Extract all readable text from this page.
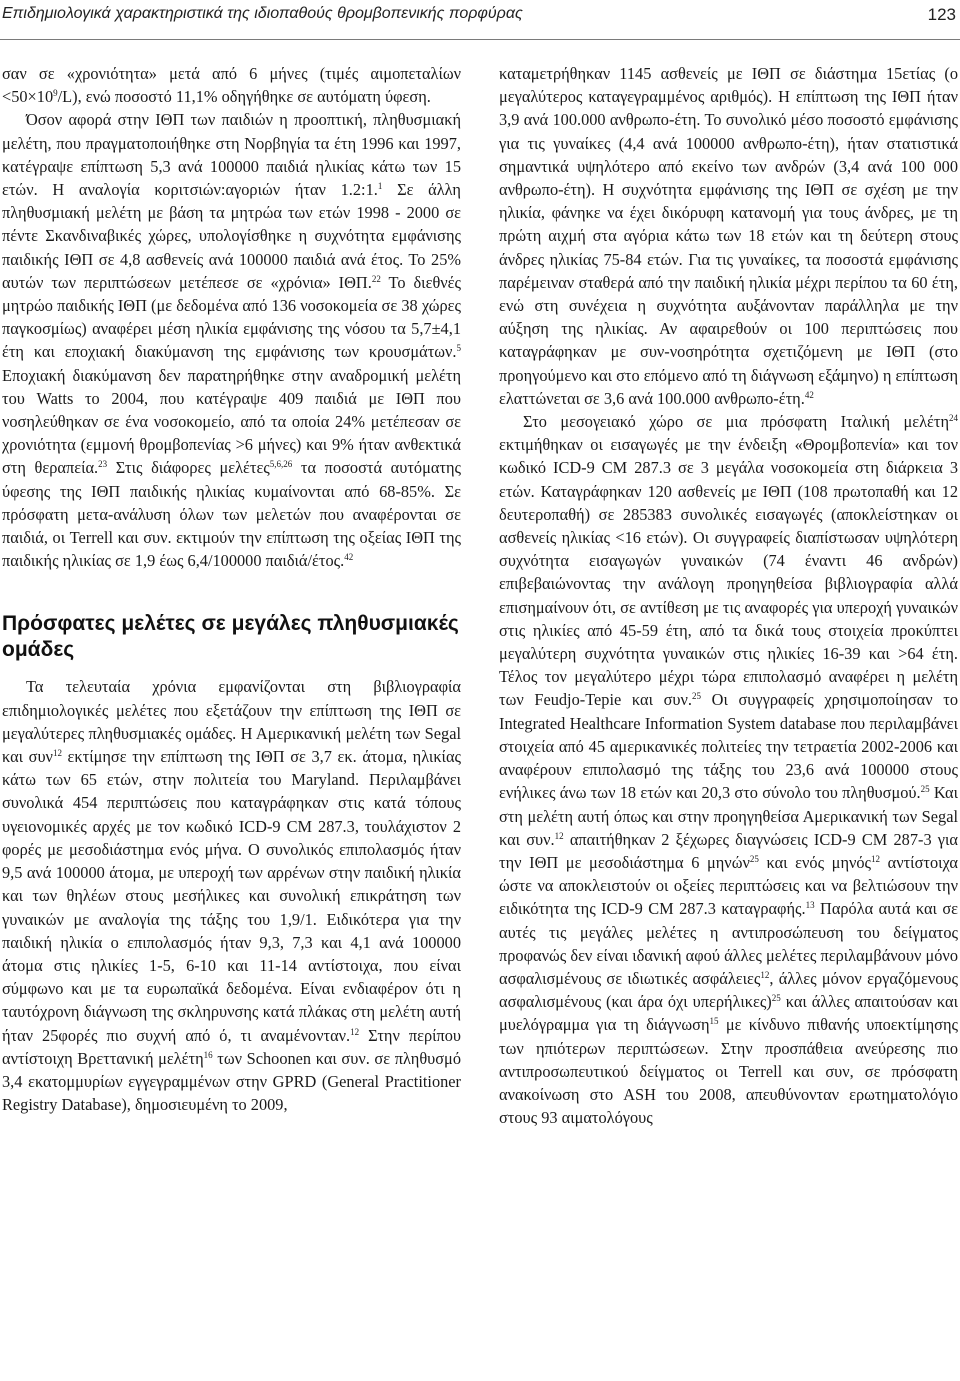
Επιδημιολογικά χαρακτηριστικά της ιδιοπαθούς θρομβοπενικής πορφύρας	123

σαν σε «χρονιότητα» μετά από 6 μήνες (τιμές $\alpha\iota\mu o\pi\varepsilon\tau\alpha\lambda ί\omega\nu <50\times 10^9/L$), ενώ ποσοστό 11,1% οδηγήθηκε σε αυτόματη ύφεση.

Όσον αφορά στην ΙΘΠ των παιδιών η προοπτική, πληθυσμιακή μελέτη, που πραγματοποιήθηκε στη Νορβηγία τα έτη 1996 και 1997, κατέγραψε επίπτωση 5,3 ανά 100000 παιδιά ηλικίας κάτω των 15 ετών. Η αναλογία κοριτσιών:αγοριών ήταν 1.2:1.$^1$ Σε άλλη πληθυσμιακή μελέτη με βάση τα μητρώα των ετών 1998 - 2000 σε πέντε Σκανδιναβικές χώρες, υπολογίσθηκε η συχνότητα εμφάνισης παιδικής ΙΘΠ σε 4,8 ασθενείς ανά 100000 παιδιά ανά έτος. Το 25% αυτών των περιπτώσεων μετέπεσε σε «χρόνια» ΙΘΠ.$^{22}$ Το διεθνές μητρώο παιδικής ΙΘΠ (με δεδομένα από 136 νοσοκομεία σε 38 χώρες παγκοσμίως) αναφέρει μέση ηλικία εμφάνισης της νόσου τα 5,7±4,1 έτη και εποχιακή διακύμανση της εμφάνισης των κρουσμάτων.$^5$ Εποχιακή διακύμανση δεν παρατηρήθηκε στην αναδρομική μελέτη του Watts το 2004, που κατέγραψε 409 παιδιά με ΙΘΠ που νοσηλεύθηκαν σε ένα νοσοκομείο, από τα οποία 24% μετέπεσαν σε χρονιότητα (εμμονή θρομβοπενίας >6 μήνες) και 9% ήταν ανθεκτικά στη θεραπεία.$^{23}$ Στις διάφορες μελέτες$^{5,6,26}$ τα ποσοστά αυτόματης ύφεσης της ΙΘΠ παιδικής ηλικίας κυμαίνονται από 68-85%. Σε πρόσφατη μετα-ανάλυση όλων των μελετών που αναφέρονται σε παιδιά, οι Terrell και συν. εκτιμούν την επίπτωση της οξείας ΙΘΠ της παιδικής ηλικίας σε 1,9 έως 6,4/100000 παιδιά/έτος.$^{42}$

Πρόσφατες μελέτες σε μεγάλες πληθυσμιακές ομάδες

Τα τελευταία χρόνια εμφανίζονται στη βιβλιογραφία επιδημιολογικές μελέτες που εξετάζουν την επίπτωση της ΙΘΠ σε μεγαλύτερες πληθυσμιακές ομάδες. Η Αμερικανική μελέτη των Segal και συν$^{12}$ εκτίμησε την επίπτωση της ΙΘΠ σε 3,7 εκ. άτομα, ηλικίας κάτω των 65 ετών, στην πολιτεία του Maryland. Περιλαμβάνει συνολικά 454 περιπτώσεις που καταγράφηκαν στις κατά τόπους υγειονομικές αρχές με τον κωδικό ICD-9 CM 287.3, τουλάχιστον 2 φορές με μεσοδιάστημα ενός μήνα. Ο συνολικός επιπολασμός ήταν 9,5 ανά 100000 άτομα, με υπεροχή των αρρένων στην παιδική ηλικία και των θηλέων στους μεσήλικες και συνολική επικράτηση των γυναικών με αναλογία της τάξης του 1,9/1. Ειδικότερα για την παιδική ηλικία ο επιπολασμός ήταν 9,3, 7,3 και 4,1 ανά 100000 άτομα στις ηλικίες 1-5, 6-10 και 11-14 αντίστοιχα, που είναι σύμφωνο και με τα ευρωπαϊκά δεδομένα. Είναι ενδιαφέρον ότι η ταυτόχρονη διάγνωση της σκληρυνσης κατά πλάκας στη μελέτη αυτή ήταν 25φορές πιο συχνή από ό, τι αναμένονταν.$^{12}$ Στην περίπου αντίστοιχη Βρεττανική μελέτη$^{16}$ των Schoonen και συν. σε πληθυσμό 3,4 εκατομμυρίων εγγεγραμμένων στην GPRD (General Practitioner Registry Database), δημοσιευμένη το 2009,

καταμετρήθηκαν 1145 ασθενείς με ΙΘΠ σε διάστημα 15ετίας (ο μεγαλύτερος καταγεγραμμένος αριθμός). Η επίπτωση της ΙΘΠ ήταν 3,9 ανά 100.000 ανθρωπο-έτη. Το συνολικό μέσο ποσοστό εμφάνισης για τις γυναίκες (4,4 ανά 100000 ανθρωπο-έτη), ήταν στατιστικά σημαντικά υψηλότερο από εκείνο των ανδρών (3,4 ανά 100 000 ανθρωπο-έτη). Η συχνότητα εμφάνισης της ΙΘΠ σε σχέση με την ηλικία, φάνηκε να έχει δικόρυφη κατανομή για τους άνδρες, με τη πρώτη αιχμή στα αγόρια κάτω των 18 ετών και τη δεύτερη στους άνδρες ηλικίας 75-84 ετών. Για τις γυναίκες, τα ποσοστά εμφάνισης παρέμειναν σταθερά από την παιδική ηλικία μέχρι περίπου τα 60 έτη, ενώ στη συνέχεια η συχνότητα αυξάνονταν παράλληλα με την αύξηση της ηλικίας. Αν αφαιρεθούν οι 100 περιπτώσεις που καταγράφηκαν με συν-νοσηρότητα σχετιζόμενη με ΙΘΠ (στο προηγούμενο και στο επόμενο από τη διάγνωση εξάμηνο) η επίπτωση ελαττώνεται σε 3,6 ανά 100.000 ανθρωπο-έτη.$^{42}$

Στο μεσογειακό χώρο σε μια πρόσφατη Ιταλική μελέτη$^{24}$ εκτιμήθηκαν οι εισαγωγές με την ένδειξη «Θρομβοπενία» και τον κωδικό ICD-9 CM 287.3 σε 3 μεγάλα νοσοκομεία στη διάρκεια 3 ετών. Καταγράφηκαν 120 ασθενείς με ΙΘΠ (108 πρωτοπαθή και 12 δευτεροπαθή) σε 285383 συνολικές εισαγωγές (αποκλείστηκαν οι ασθενείς ηλικίας <16 ετών). Οι συγγραφείς διαπίστωσαν υψηλότερη συχνότητα εισαγωγών γυναικών (74 έναντι 46 ανδρών) επιβεβαιώνοντας την ανάλογη προηγηθείσα βιβλιογραφία αλλά επισημαίνουν ότι, σε αντίθεση με τις αναφορές για υπεροχή γυναικών στις ηλικίες από 45-59 έτη, από τα δικά τους στοιχεία προκύπτει μεγαλύτερη συχνότητα γυναικών στις ηλικίες 16-39 και >64 έτη. Τέλος τον μεγαλύτερο μέχρι τώρα επιπολασμό αναφέρει η μελέτη των Feudjo-Tepie και συν.$^{25}$ Οι συγγραφείς χρησιμοποίησαν το Integrated Healthcare Information System database που περιλαμβάνει στοιχεία από 45 αμερικανικές πολιτείες την τετραετία 2002-2006 και αναφέρουν επιπολασμό της τάξης του 23,6 ανά 100000 στους ενήλικες άνω των 18 ετών και 20,3 στο σύνολο του πληθυσμού.$^{25}$ Και στη μελέτη αυτή όπως και στην προηγηθείσα Αμερικανική των Segal και συν.$^{12}$ απαιτήθηκαν 2 ξέχωρες διαγνώσεις ICD-9 CM 287-3 για την ΙΘΠ με μεσοδιάστημα 6 μηνών$^{25}$ και ενός μηνός$^{12}$ αντίστοιχα ώστε να αποκλειστούν οι οξείες περιπτώσεις και να βελτιώσουν την ειδικότητα της ICD-9 CM 287.3 καταγραφής.$^{13}$ Παρόλα αυτά και σε αυτές τις μεγάλες μελέτες η αντιπροσώπευση του δείγματος προφανώς δεν είναι ιδανική αφού άλλες μελέτες περιλαμβάνουν μόνο ασφαλισμένους σε ιδιωτικές ασφάλειες$^{12}$, άλλες μόνον εργαζόμενους ασφαλισμένους (και άρα όχι υπερήλικες)$^{25}$ και άλλες απαιτούσαν και μυελόγραμμα για τη διάγνωση$^{15}$ με κίνδυνο πιθανής υποεκτίμησης των ηπιότερων περιπτώσεων. Στην προσπάθεια ανεύρεσης πιο αντιπροσωπευτικού δείγματος οι Terrell και συν, σε πρόσφατη ανακοίνωση στο ASH του 2008, απευθύνονταν ερωτηματολόγιο στους 93 αιματολόγους
